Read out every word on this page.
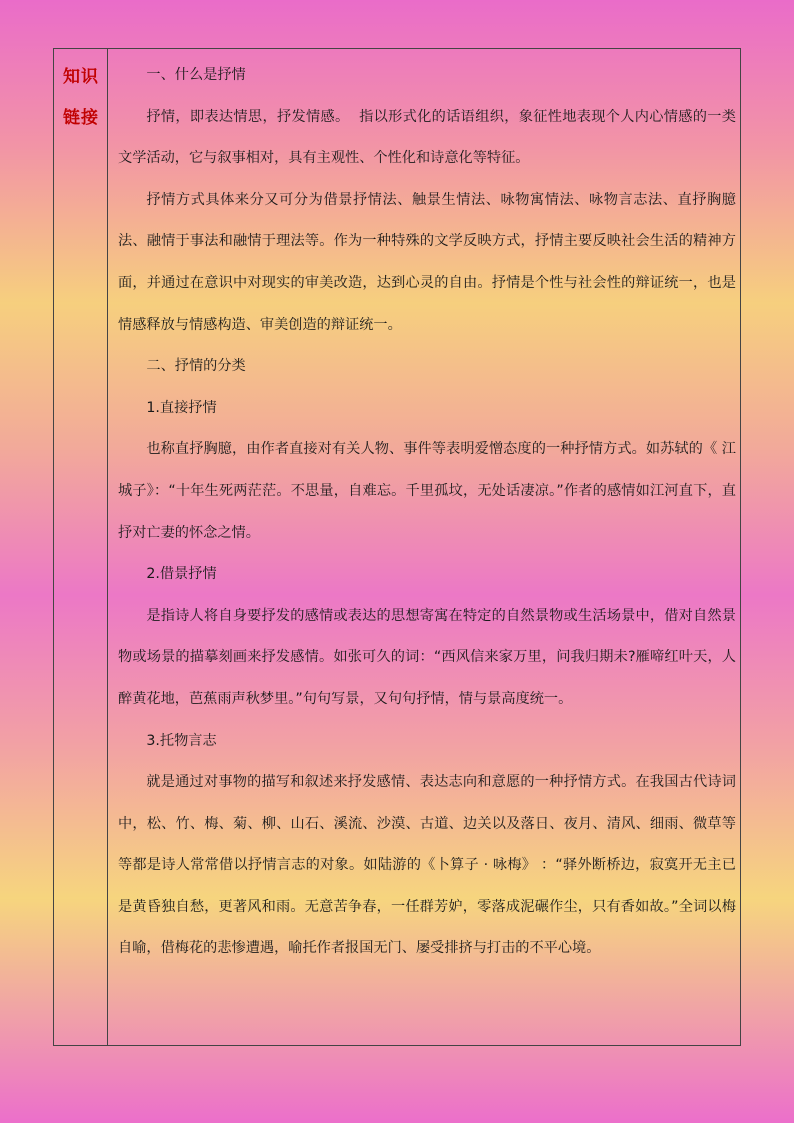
知识链接

一、什么是抒情

抒情，即表达情思，抒发情感。  指以形式化的话语组织，象征性地表现个人内心情感的一类文学活动，它与叙事相对，具有主观性、个性化和诗意化等特征。

抒情方式具体来分又可分为借景抒情法、触景生情法、咏物寓情法、咏物言志法、直抒胸臆法、融情于事法和融情于理法等。作为一种特殊的文学反映方式，抒情主要反映社会生活的精神方面，并通过在意识中对现实的审美改造，达到心灵的自由。抒情是个性与社会性的辩证统一，也是情感释放与情感构造、审美创造的辩证统一。

二、抒情的分类

1.直接抒情

也称直抒胸臆，由作者直接对有关人物、事件等表明爱憎态度的一种抒情方式。如苏轼的《 江城子》：“十年生死两茫茫。不思量，自难忘。千里孤坟，无处话凄凉。”作者的感情如江河直下，直抒对亡妻的怀念之情。

2.借景抒情

是指诗人将自身要抒发的感情或表达的思想寄寓在特定的自然景物或生活场景中，借对自然景物或场景的描摹刻画来抒发感情。如张可久的词：“西风信来家万里，问我归期未?雁啼红叶天，人醉黄花地，芭蕉雨声秋梦里。”句句写景，又句句抒情，情与景高度统一。

3.托物言志

就是通过对事物的描写和叙述来抒发感情、表达志向和意愿的一种抒情方式。在我国古代诗词中，松、竹、梅、菊、柳、山石、溪流、沙漠、古道、边关以及落日、夜月、清风、细雨、微草等等都是诗人常常借以抒情言志的对象。如陆游的《卜算子 · 咏梅》 ：“驿外断桥边，寂寞开无主已是黄昏独自愁，更著风和雨。无意苦争春，一任群芳妒，零落成泥碾作尘，只有香如故。”全词以梅自喻，借梅花的悲惨遭遇，喻托作者报国无门、屡受排挤与打击的不平心境。
